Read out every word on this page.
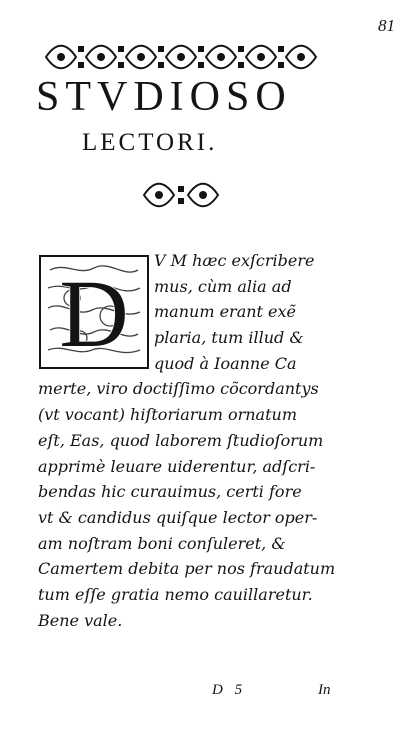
81
STVDIOSO
LECTORI.
D	V M hæc exſcribere
mus, cùm alia ad
manum erant exẽ
plaria, tum illud &
quod à Ioanne Ca
merte, viro doctiſſimo cõcordantys
(vt vocant) hiſtoriarum ornatum
eſt, Eas, quod laborem ſtudioſorum
apprimè leuare uiderentur, adſcri-
bendas hic curauimus, certi fore
vt & candidus quiſque lector oper-
am noſtram boni conſuleret, &
Camertem debita per nos fraudatum
tum eſſe gratia nemo cauillaretur.
Bene vale.
D 5	In
